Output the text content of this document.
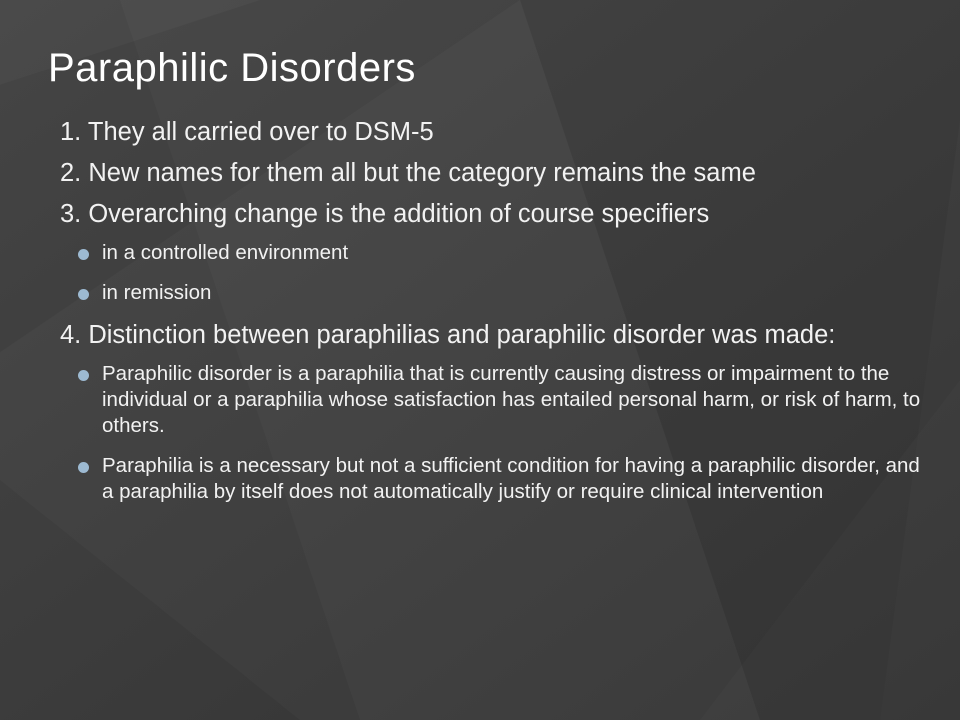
Paraphilic Disorders

1. They all carried over to DSM-5

2. New names for them all but the category remains the same

3. Overarching change is the addition of course specifiers

in a controlled environment
in remission

4. Distinction between paraphilias and paraphilic disorder was made:

Paraphilic disorder is a paraphilia that is currently causing distress or impairment to the individual or a paraphilia whose satisfaction has entailed personal harm, or risk of harm, to others.
Paraphilia is a necessary but not a sufficient condition for having a paraphilic disorder, and a paraphilia by itself does not automatically justify or require clinical intervention
